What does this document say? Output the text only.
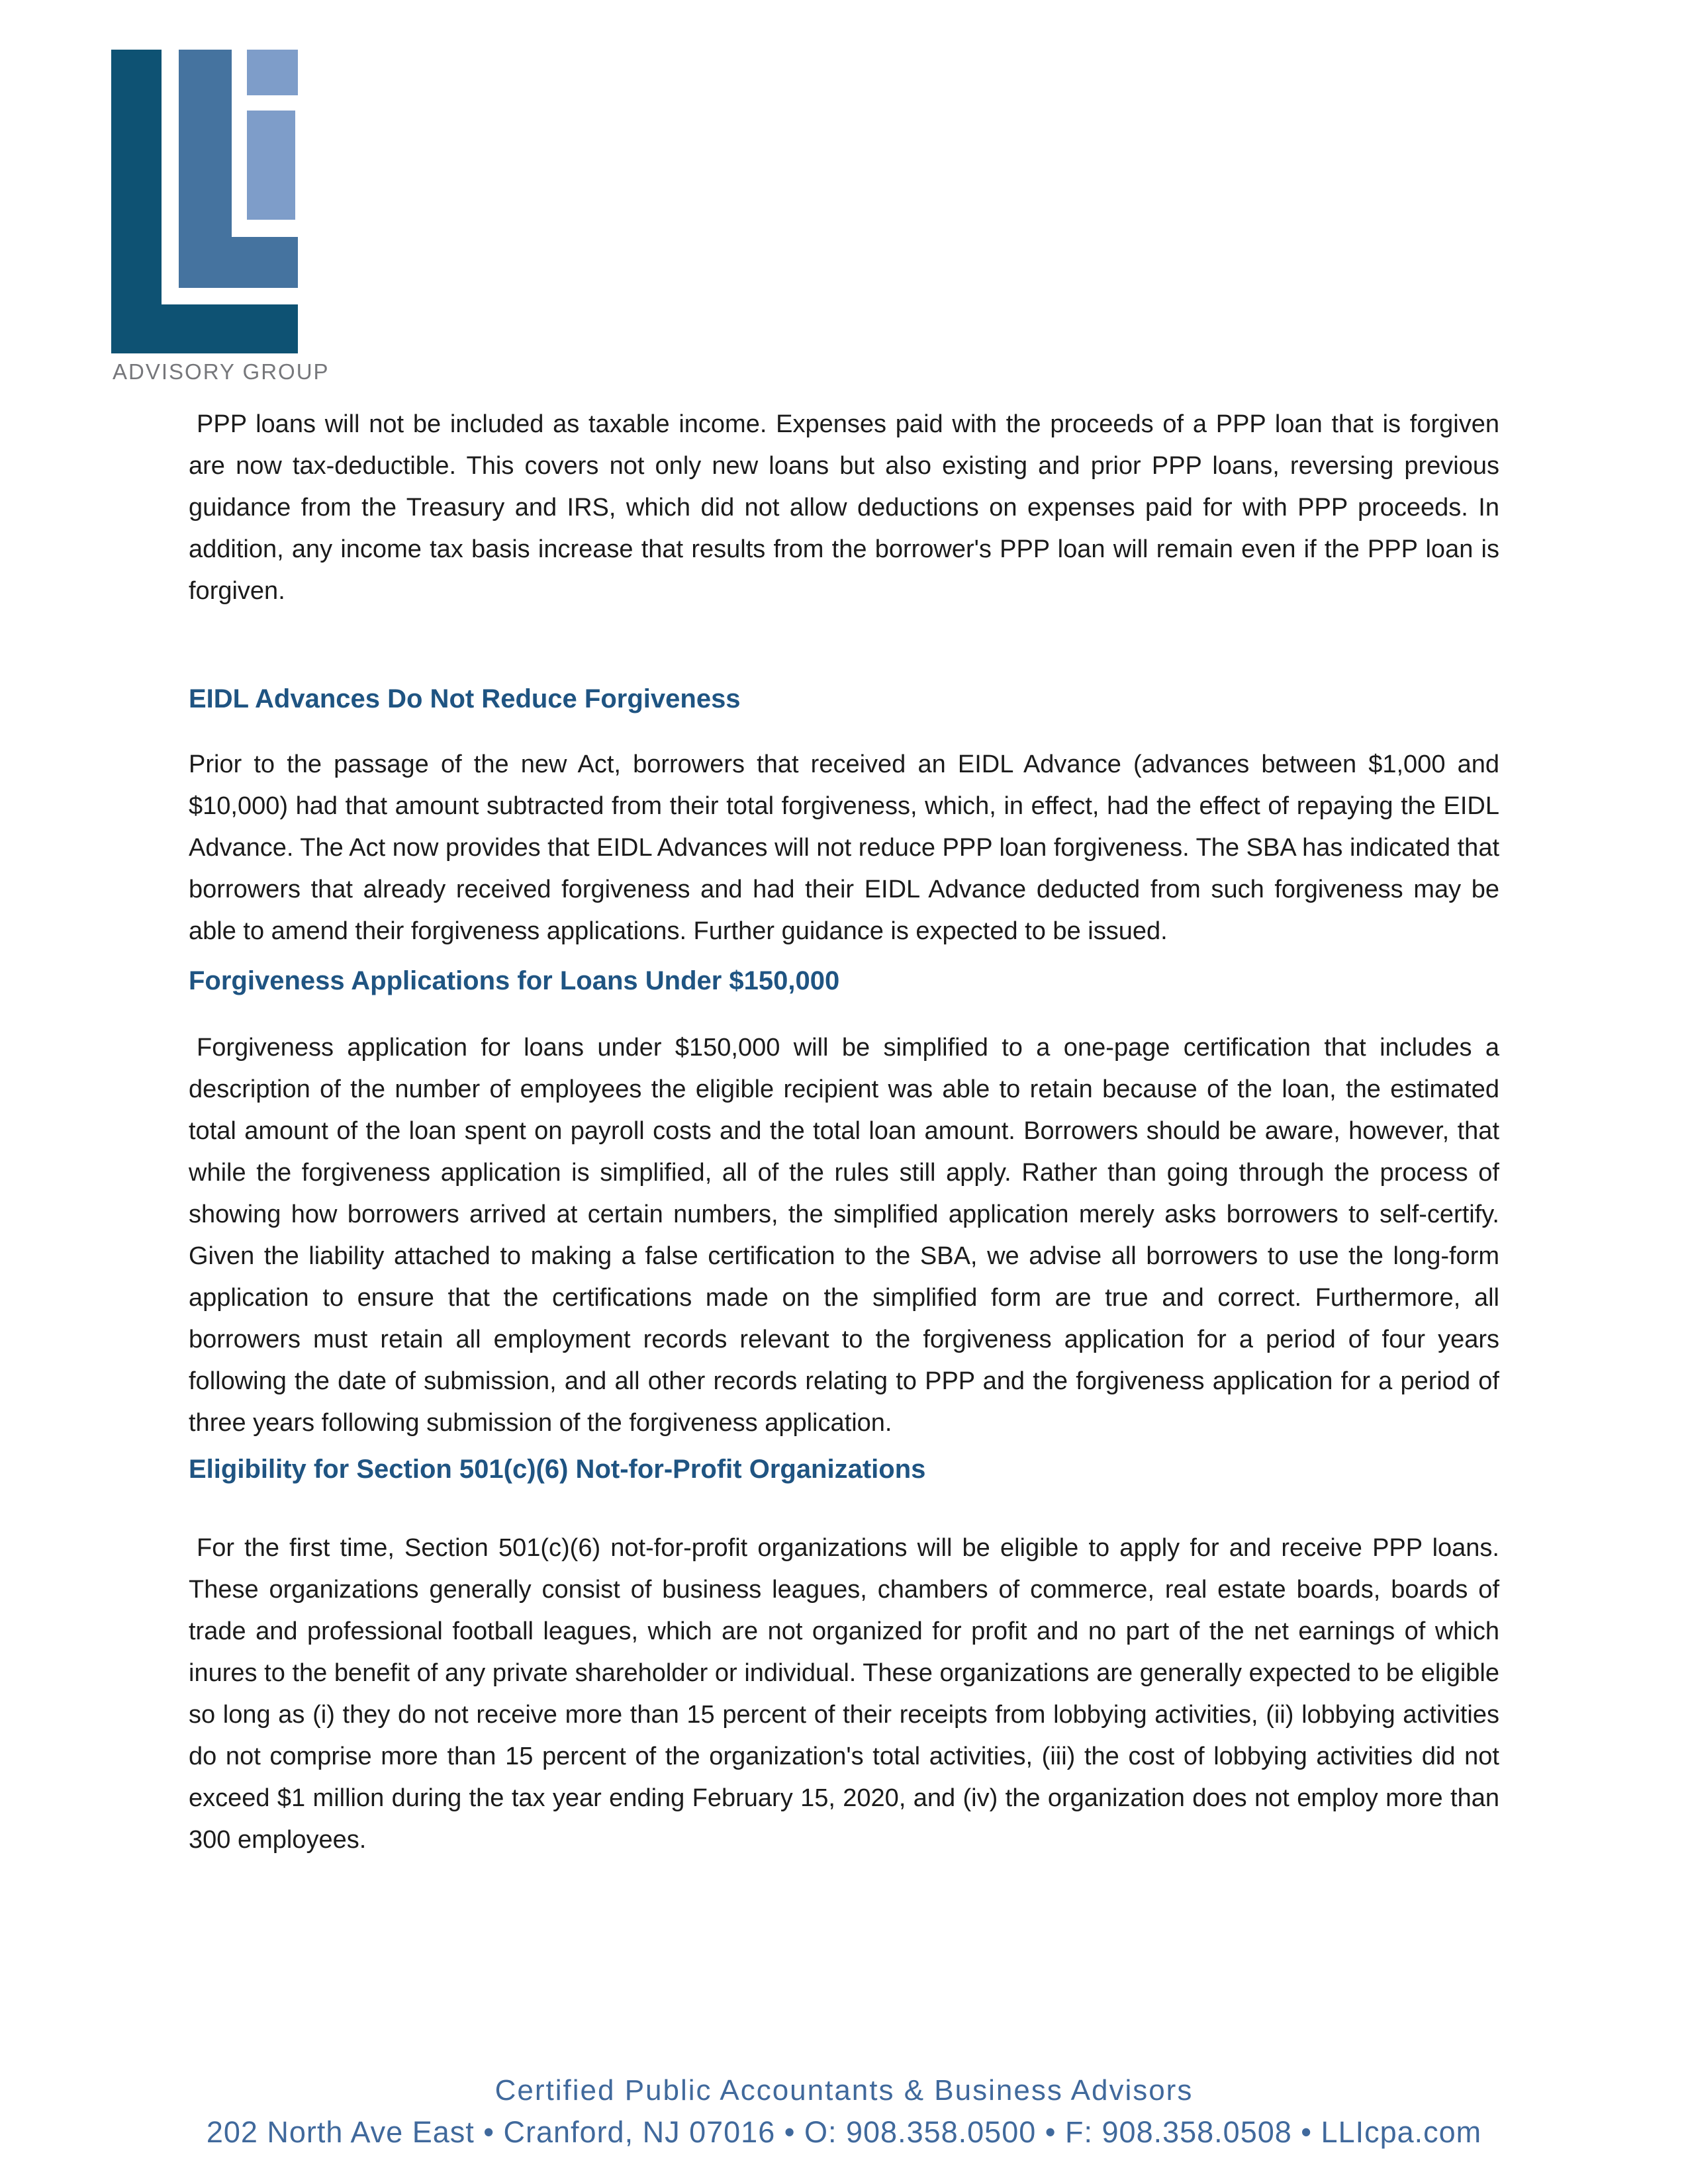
ADVISORY GROUP

PPP loans will not be included as taxable income. Expenses paid with the proceeds of a PPP loan that is forgiven are now tax-deductible. This covers not only new loans but also existing and prior PPP loans, reversing previous guidance from the Treasury and IRS, which did not allow deductions on expenses paid for with PPP proceeds. In addition, any income tax basis increase that results from the borrower's PPP loan will remain even if the PPP loan is forgiven.

EIDL Advances Do Not Reduce Forgiveness

Prior to the passage of the new Act, borrowers that received an EIDL Advance (advances between $1,000 and $10,000) had that amount subtracted from their total forgiveness, which, in effect, had the effect of repaying the EIDL Advance. The Act now provides that EIDL Advances will not reduce PPP loan forgiveness. The SBA has indicated that borrowers that already received forgiveness and had their EIDL Advance deducted from such forgiveness may be able to amend their forgiveness applications. Further guidance is expected to be issued.

Forgiveness Applications for Loans Under $150,000

Forgiveness application for loans under $150,000 will be simplified to a one-page certification that includes a description of the number of employees the eligible recipient was able to retain because of the loan, the estimated total amount of the loan spent on payroll costs and the total loan amount. Borrowers should be aware, however, that while the forgiveness application is simplified, all of the rules still apply. Rather than going through the process of showing how borrowers arrived at certain numbers, the simplified application merely asks borrowers to self-certify. Given the liability attached to making a false certification to the SBA, we advise all borrowers to use the long-form application to ensure that the certifications made on the simplified form are true and correct. Furthermore, all borrowers must retain all employment records relevant to the forgiveness application for a period of four years following the date of submission, and all other records relating to PPP and the forgiveness application for a period of three years following submission of the forgiveness application.

Eligibility for Section 501(c)(6) Not-for-Profit Organizations

For the first time, Section 501(c)(6) not-for-profit organizations will be eligible to apply for and receive PPP loans. These organizations generally consist of business leagues, chambers of commerce, real estate boards, boards of trade and professional football leagues, which are not organized for profit and no part of the net earnings of which inures to the benefit of any private shareholder or individual. These organizations are generally expected to be eligible so long as (i) they do not receive more than 15 percent of their receipts from lobbying activities, (ii) lobbying activities do not comprise more than 15 percent of the organization's total activities, (iii) the cost of lobbying activities did not exceed $1 million during the tax year ending February 15, 2020, and (iv) the organization does not employ more than 300 employees.

Certified Public Accountants & Business Advisors

202 North Ave East • Cranford, NJ 07016 • O: 908.358.0500 • F: 908.358.0508 • LLIcpa.com
